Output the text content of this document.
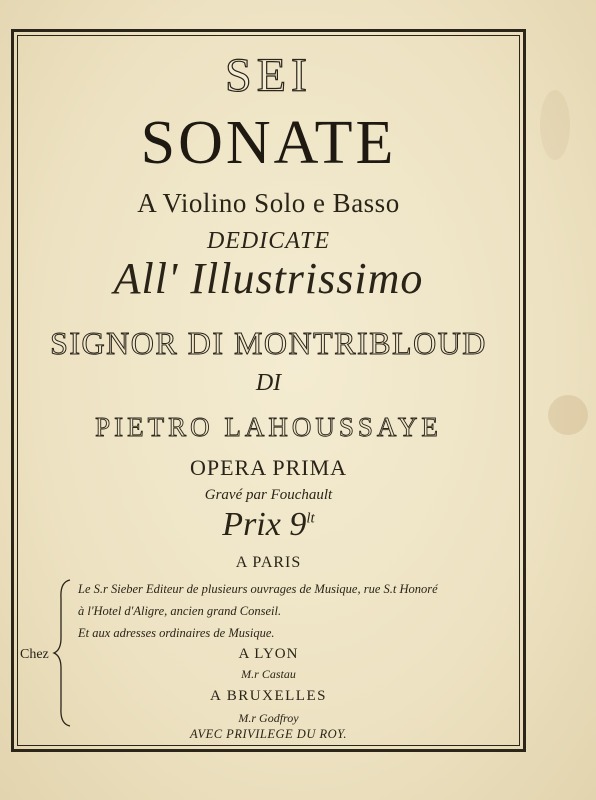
SEI
SONATE
A Violino Solo e Basso
DEDICATE
All' Illustrissimo
SIGNOR DI MONTRIBLOUD
DI
PIETRO LAHOUSSAYE
OPERA PRIMA
Gravé par Fouchault
Prix $9^{lt}$
A PARIS
Le S.r Sieber Editeur de plusieurs ouvrages de Musique, rue S.t Honoré
à l'Hotel d'Aligre, ancien grand Conseil.
Et aux adresses ordinaires de Musique.
Chez	A LYON
M.r Castau
A BRUXELLES
M.r Godfroy
AVEC PRIVILEGE DU ROY.
